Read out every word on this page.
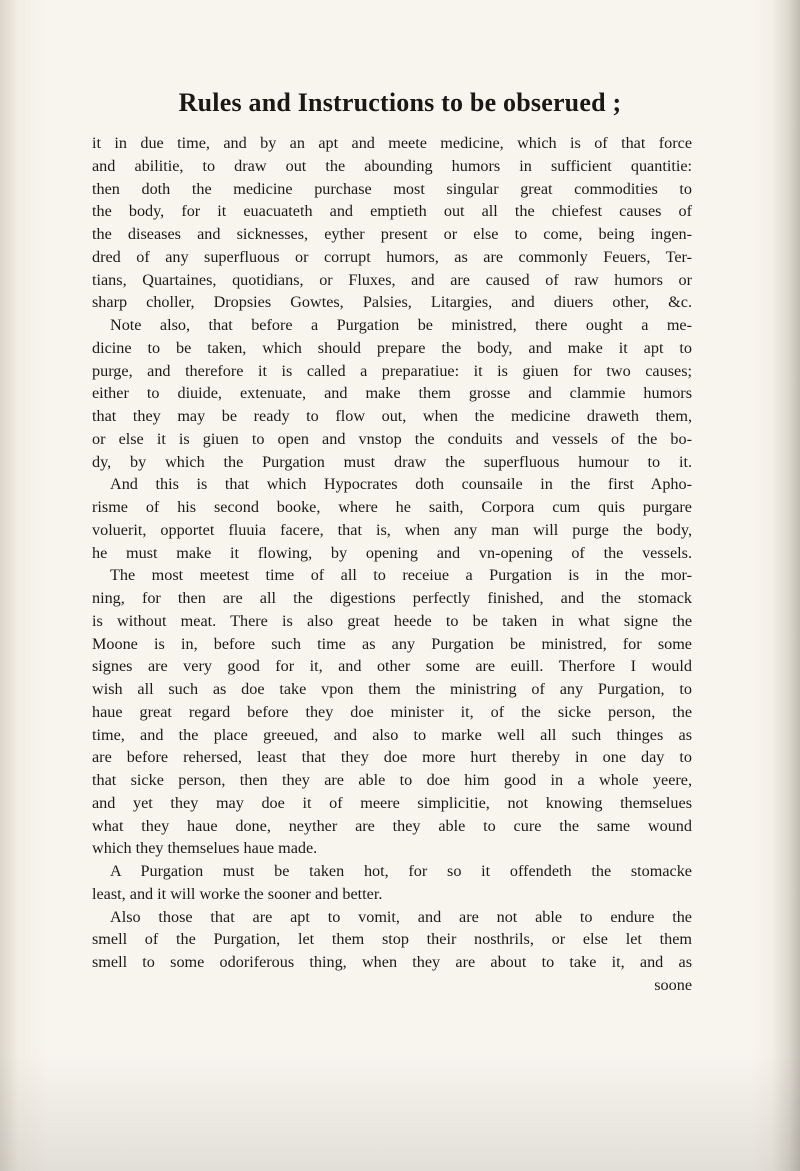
Rules and Instructions to be obserued ;
it in due time, and by an apt and meete medicine, which is of that force
and abilitie, to draw out the abounding humors in sufficient quantitie:
then doth the medicine purchase most singular great commodities to
the body, for it euacuateth and emptieth out all the chiefest causes of
the diseases and sicknesses, eyther present or else to come, being ingen-
dred of any superfluous or corrupt humors, as are commonly Feuers, Ter-
tians, Quartaines, quotidians, or Fluxes, and are caused of raw humors or
sharp choller, Dropsies Gowtes, Palsies, Litargies, and diuers other, &c.
Note also, that before a Purgation be ministred, there ought a me-
dicine to be taken, which should prepare the body, and make it apt to
purge, and therefore it is called a preparatiue: it is giuen for two causes;
either to diuide, extenuate, and make them grosse and clammie humors
that they may be ready to flow out, when the medicine draweth them,
or else it is giuen to open and vnstop the conduits and vessels of the bo-
dy, by which the Purgation must draw the superfluous humour to it.
And this is that which Hypocrates doth counsaile in the first Apho-
risme of his second booke, where he saith, Corpora cum quis purgare
voluerit, opportet fluuia facere, that is, when any man will purge the body,
he must make it flowing, by opening and vn-opening of the vessels.
The most meetest time of all to receiue a Purgation is in the mor-
ning, for then are all the digestions perfectly finished, and the stomack
is without meat. There is also great heede to be taken in what signe the
Moone is in, before such time as any Purgation be ministred, for some
signes are very good for it, and other some are euill. Therfore I would
wish all such as doe take vpon them the ministring of any Purgation, to
haue great regard before they doe minister it, of the sicke person, the
time, and the place greeued, and also to marke well all such thinges as
are before rehersed, least that they doe more hurt thereby in one day to
that sicke person, then they are able to doe him good in a whole yeere,
and yet they may doe it of meere simplicitie, not knowing themselues
what they haue done, neyther are they able to cure the same wound
which they themselues haue made.
A Purgation must be taken hot, for so it offendeth the stomacke
least, and it will worke the sooner and better.
Also those that are apt to vomit, and are not able to endure the
smell of the Purgation, let them stop their nosthrils, or else let them
smell to some odoriferous thing, when they are about to take it, and as
soone
